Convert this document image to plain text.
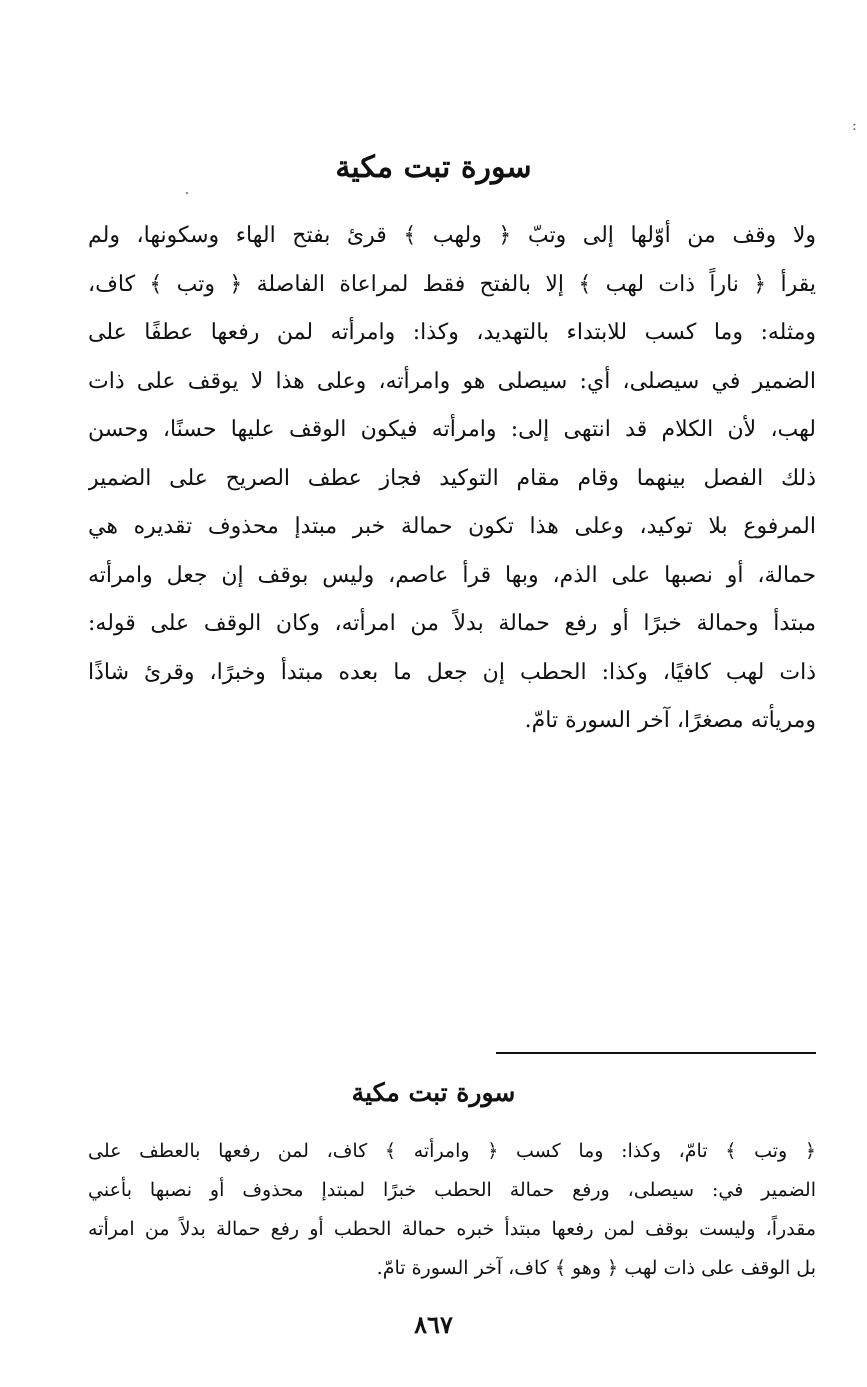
:
سورة تبت مكية
ولا وقف من أوّلها إلى وتبّ ﴿ ولهب ﴾ قرئ بفتح الهاء وسكونها، ولم
يقرأ ﴿ ناراً ذات لهب ﴾ إلا بالفتح فقط لمراعاة الفاصلة ﴿ وتب ﴾ كاف،
ومثله: وما كسب للابتداء بالتهديد، وكذا: وامرأته لمن رفعها عطفًا على
الضمير في سيصلى، أي: سيصلى هو وامرأته، وعلى هذا لا يوقف على ذات
لهب، لأن الكلام قد انتهى إلى: وامرأته فيكون الوقف عليها حسنًا، وحسن
ذلك الفصل بينهما وقام مقام التوكيد فجاز عطف الصريح على الضمير
المرفوع بلا توكيد، وعلى هذا تكون حمالة خبر مبتدإ محذوف تقديره هي
حمالة، أو نصبها على الذم، وبها قرأ عاصم، وليس بوقف إن جعل وامرأته
مبتدأ وحمالة خبرًا أو رفع حمالة بدلاً من امرأته، وكان الوقف على قوله:
ذات لهب كافيًا، وكذا: الحطب إن جعل ما بعده مبتدأ وخبرًا، وقرئ شاذًا
ومريأته مصغرًا، آخر السورة تامّ.
سورة تبت مكية
﴿ وتب ﴾ تامّ، وكذا: وما كسب ﴿ وامرأته ﴾ كاف، لمن رفعها بالعطف على
الضمير في: سيصلى، ورفع حمالة الحطب خبرًا لمبتدإ محذوف أو نصبها بأعني
مقدراً، وليست بوقف لمن رفعها مبتدأ خبره حمالة الحطب أو رفع حمالة بدلاً من امرأته
بل الوقف على ذات لهب ﴿ وهو ﴾ كاف، آخر السورة تامّ.
٨٦٧
